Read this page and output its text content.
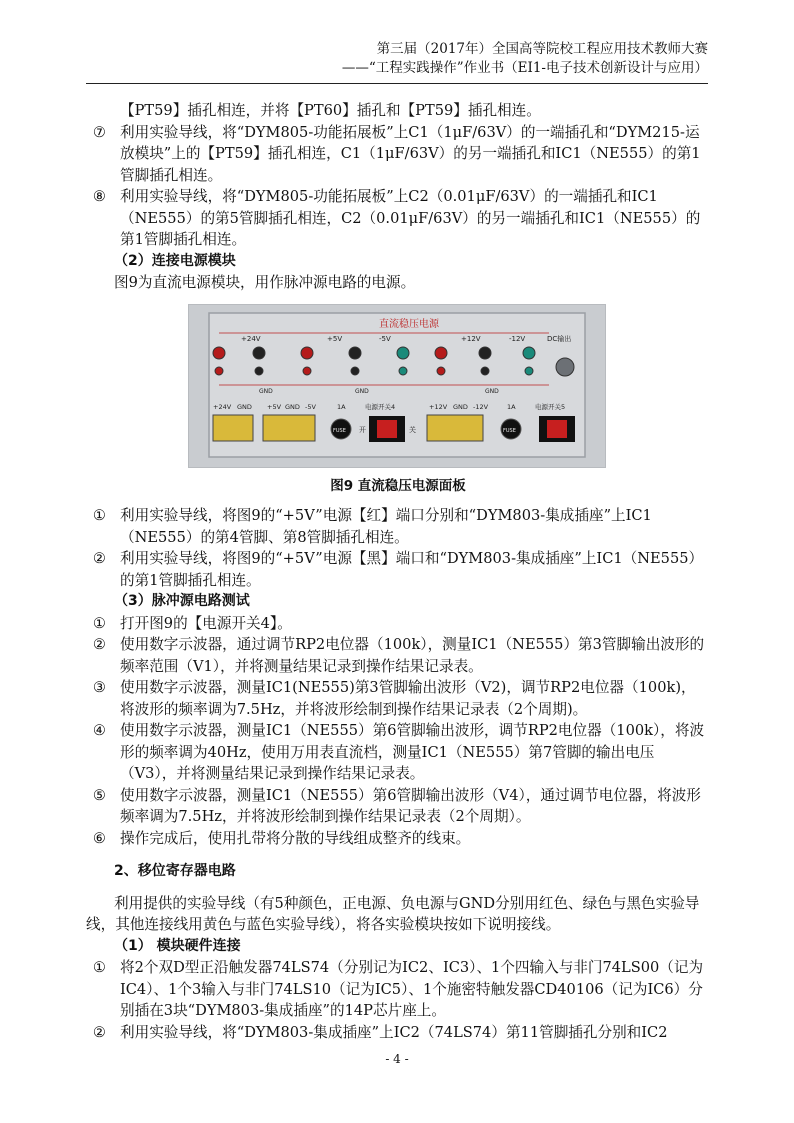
第三届（2017年）全国高等院校工程应用技术教师大赛
——“工程实践操作”作业书（EI1-电子技术创新设计与应用）
【PT59】插孔相连，并将【PT60】插孔和【PT59】插孔相连。
⑦ 利用实验导线，将“DYM805-功能拓展板”上C1（1μF/63V）的一端插孔和“DYM215-运放模块”上的【PT59】插孔相连，C1（1μF/63V）的另一端插孔和IC1（NE555）的第1管脚插孔相连。
⑧ 利用实验导线，将“DYM805-功能拓展板”上C2（0.01μF/63V）的一端插孔和IC1（NE555）的第5管脚插孔相连，C2（0.01μF/63V）的另一端插孔和IC1（NE555）的第1管脚插孔相连。
（2）连接电源模块
图9为直流电源模块，用作脉冲源电路的电源。
直流稳压电源
+24V	+5V	-5V	+12V	-12V	DC输出
GND	GND	GND
+24V GND +5V GND -5V	1A	电源开关4	+12V GND -12V	1A	电源开关5
FUSE 开	关	FUSE
图9 直流稳压电源面板
① 利用实验导线，将图9的“+5V”电源【红】端口分别和“DYM803-集成插座”上IC1（NE555）的第4管脚、第8管脚插孔相连。
② 利用实验导线，将图9的“+5V”电源【黑】端口和“DYM803-集成插座”上IC1（NE555）的第1管脚插孔相连。
（3）脉冲源电路测试
① 打开图9的【电源开关4】。
② 使用数字示波器，通过调节RP2电位器（100k），测量IC1（NE555）第3管脚输出波形的频率范围（V1），并将测量结果记录到操作结果记录表。
③ 使用数字示波器，测量IC1(NE555)第3管脚输出波形（V2)，调节RP2电位器（100k)，将波形的频率调为7.5Hz，并将波形绘制到操作结果记录表（2个周期)。
④ 使用数字示波器，测量IC1（NE555）第6管脚输出波形，调节RP2电位器（100k），将波形的频率调为40Hz，使用万用表直流档，测量IC1（NE555）第7管脚的输出电压（V3），并将测量结果记录到操作结果记录表。
⑤ 使用数字示波器，测量IC1（NE555）第6管脚输出波形（V4），通过调节电位器，将波形频率调为7.5Hz，并将波形绘制到操作结果记录表（2个周期）。
⑥ 操作完成后，使用扎带将分散的导线组成整齐的线束。
2、移位寄存器电路
利用提供的实验导线（有5种颜色，正电源、负电源与GND分别用红色、绿色与黑色实验导线，其他连接线用黄色与蓝色实验导线），将各实验模块按如下说明接线。
（1） 模块硬件连接
① 将2个双D型正沿触发器74LS74（分别记为IC2、IC3）、1个四输入与非门74LS00（记为IC4）、1个3输入与非门74LS10（记为IC5）、1个施密特触发器CD40106（记为IC6）分别插在3块“DYM803-集成插座”的14P芯片座上。
② 利用实验导线，将“DYM803-集成插座”上IC2（74LS74）第11管脚插孔分别和IC2
- 4 -
